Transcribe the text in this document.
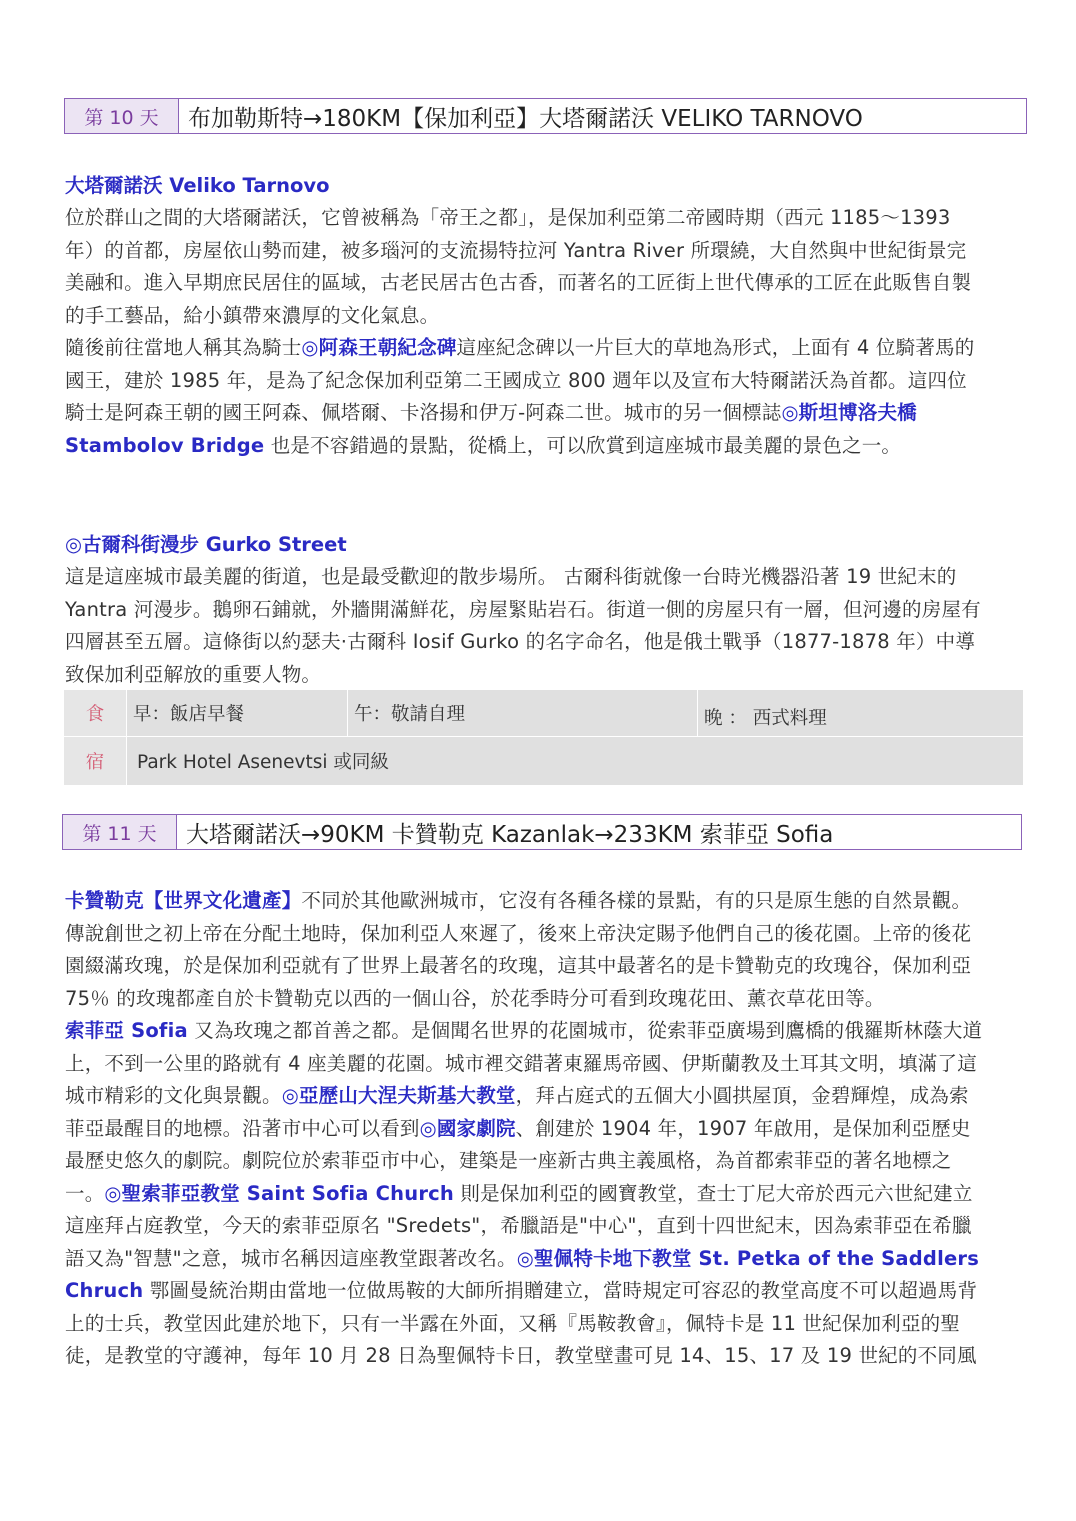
第 10 天	布加勒斯特→180KM【保加利亞】大塔爾諾沃 VELIKO TARNOVO

大塔爾諾沃 Veliko Tarnovo

位於群山之間的大塔爾諾沃，它曾被稱為「帝王之都」，是保加利亞第二帝國時期（西元 1185～1393 年）的首都，房屋依山勢而建，被多瑙河的支流揚特拉河 Yantra River 所環繞，大自然與中世紀街景完美融和。進入早期庶民居住的區域，古老民居古色古香，而著名的工匠街上世代傳承的工匠在此販售自製的手工藝品，給小鎮帶來濃厚的文化氣息。

隨後前往當地人稱其為騎士◎阿森王朝紀念碑這座紀念碑以一片巨大的草地為形式，上面有 4 位騎著馬的國王，建於 1985 年，是為了紀念保加利亞第二王國成立 800 週年以及宣布大特爾諾沃為首都。這四位騎士是阿森王朝的國王阿森、佩塔爾、卡洛揚和伊万-阿森二世。城市的另一個標誌◎斯坦博洛夫橋 Stambolov Bridge 也是不容錯過的景點，從橋上，可以欣賞到這座城市最美麗的景色之一。

◎古爾科街漫步 Gurko Street

這是這座城市最美麗的街道，也是最受歡迎的散步場所。 古爾科街就像一台時光機器沿著 19 世紀末的 Yantra 河漫步。鵝卵石鋪就，外牆開滿鮮花，房屋緊貼岩石。街道一側的房屋只有一層，但河邊的房屋有四層甚至五層。這條街以約瑟夫·古爾科 Iosif Gurko 的名字命名，他是俄土戰爭（1877-1878 年）中導致保加利亞解放的重要人物。

食	早：飯店早餐	午：敬請自理	晚 ： 西式料理
宿	Park Hotel Asenevtsi 或同級		
第 11 天	大塔爾諾沃→90KM 卡贊勒克 Kazanlak→233KM 索菲亞 Sofia

卡贊勒克【世界文化遺產】不同於其他歐洲城市，它沒有各種各樣的景點，有的只是原生態的自然景觀。傳說創世之初上帝在分配土地時，保加利亞人來遲了，後來上帝決定賜予他們自己的後花園。上帝的後花園綴滿玫瑰，於是保加利亞就有了世界上最著名的玫瑰，這其中最著名的是卡贊勒克的玫瑰谷，保加利亞 75％ 的玫瑰都產自於卡贊勒克以西的一個山谷，於花季時分可看到玫瑰花田、薰衣草花田等。

索菲亞 Sofia 又為玫瑰之都首善之都。是個聞名世界的花園城市，從索菲亞廣場到鷹橋的俄羅斯林蔭大道上，不到一公里的路就有 4 座美麗的花園。城市裡交錯著東羅馬帝國、伊斯蘭教及土耳其文明，填滿了這城市精彩的文化與景觀。◎亞歷山大涅夫斯基大教堂，拜占庭式的五個大小圓拱屋頂，金碧輝煌，成為索菲亞最醒目的地標。沿著市中心可以看到◎國家劇院、創建於 1904 年，1907 年啟用，是保加利亞歷史最歷史悠久的劇院。劇院位於索菲亞市中心，建築是一座新古典主義風格，為首都索菲亞的著名地標之一。◎聖索菲亞教堂 Saint Sofia Church 則是保加利亞的國寶教堂，查士丁尼大帝於西元六世紀建立這座拜占庭教堂，今天的索菲亞原名 "Sredets"，希臘語是"中心"，直到十四世紀末，因為索菲亞在希臘語又為"智慧"之意，城市名稱因這座教堂跟著改名。◎聖佩特卡地下教堂 St. Petka of the Saddlers Chruch 鄂圖曼統治期由當地一位做馬鞍的大師所捐贈建立，當時規定可容忍的教堂高度不可以超過馬背上的士兵，教堂因此建於地下，只有一半露在外面，又稱『馬鞍教會』，佩特卡是 11 世紀保加利亞的聖徒，是教堂的守護神，每年 10 月 28 日為聖佩特卡日，教堂壁畫可見 14、15、17 及 19 世紀的不同風
